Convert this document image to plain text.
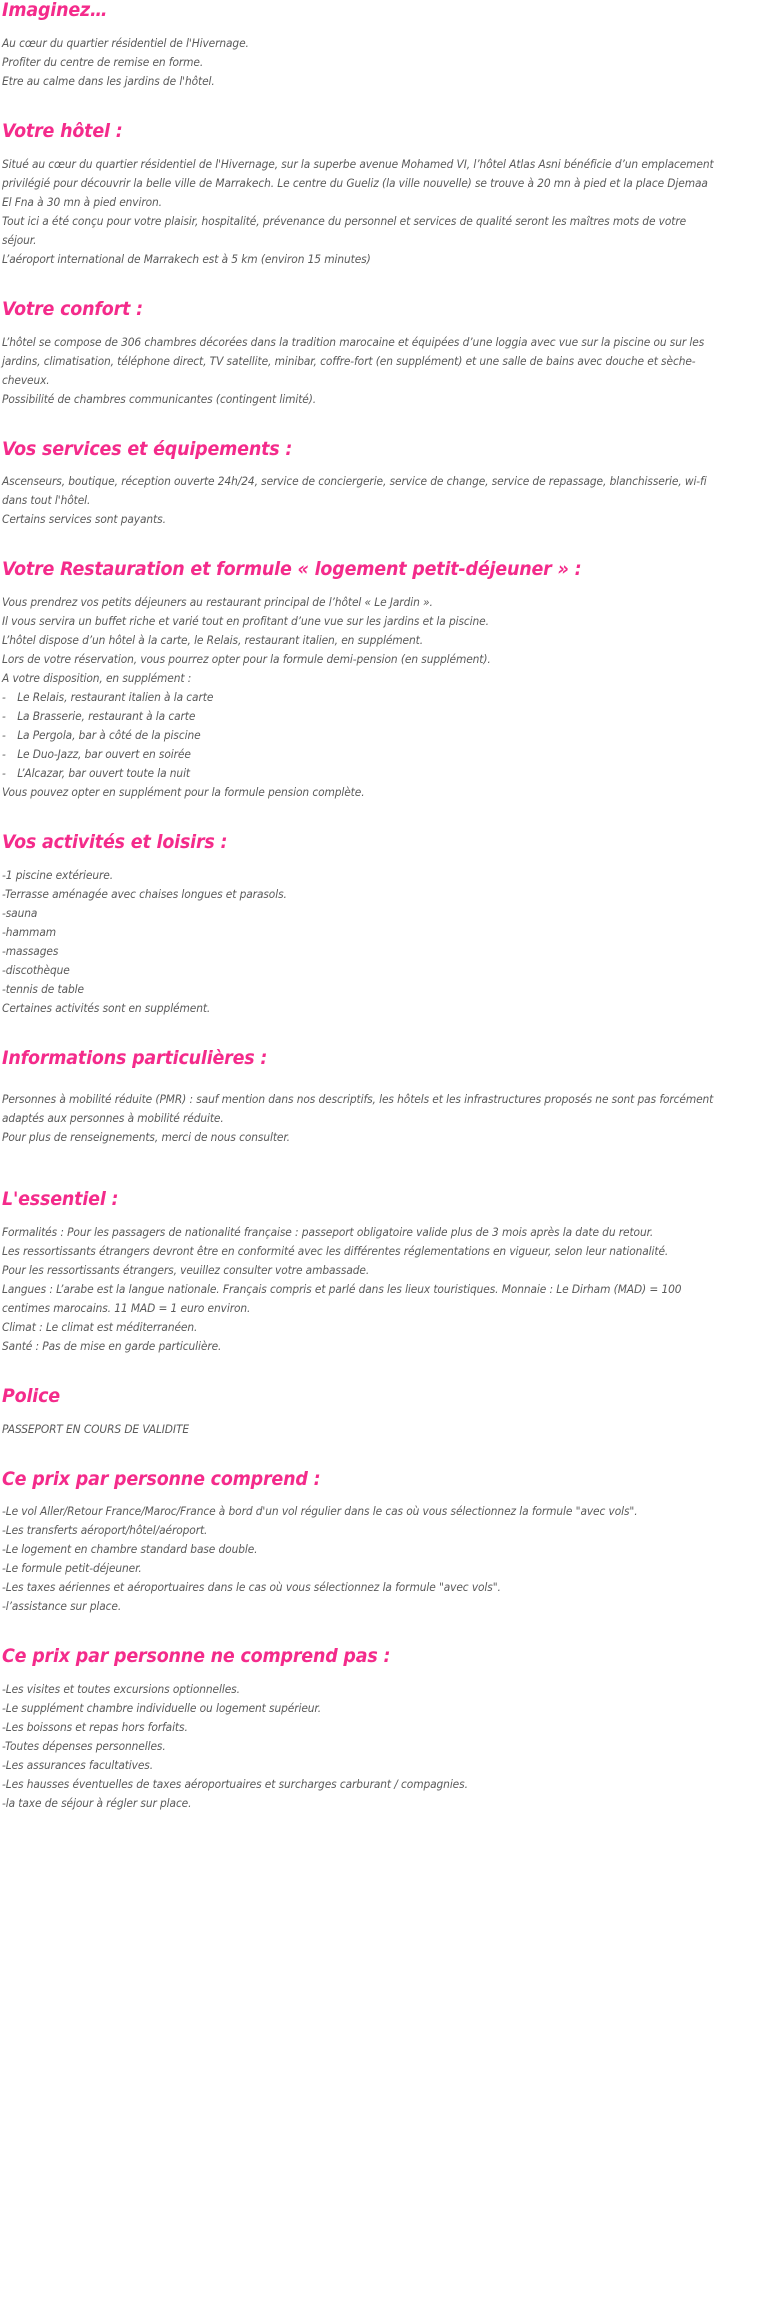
Imaginez…

Au cœur du quartier résidentiel de l'Hivernage.

Profiter du centre de remise en forme.

Etre au calme dans les jardins de l'hôtel.

Votre hôtel :

Situé au cœur du quartier résidentiel de l'Hivernage, sur la superbe avenue Mohamed VI, l’hôtel Atlas Asni bénéficie d’un emplacement privilégié pour découvrir la belle ville de Marrakech. Le centre du Gueliz (la ville nouvelle) se trouve à 20 mn à pied et la place Djemaa El Fna à 30 mn à pied environ.

Tout ici a été conçu pour votre plaisir, hospitalité, prévenance du personnel et services de qualité seront les maîtres mots de votre séjour.

L’aéroport international de Marrakech est à 5 km (environ 15 minutes)

Votre confort :

L’hôtel se compose de 306 chambres décorées dans la tradition marocaine et équipées d’une loggia avec vue sur la piscine ou sur les jardins, climatisation, téléphone direct, TV satellite, minibar, coffre-fort (en supplément) et une salle de bains avec douche et sèche-cheveux.

Possibilité de chambres communicantes (contingent limité).

Vos services et équipements :

Ascenseurs, boutique, réception ouverte 24h/24, service de conciergerie, service de change, service de repassage, blanchisserie, wi-fi dans tout l'hôtel.

Certains services sont payants.

Votre Restauration et formule « logement petit-déjeuner » :

Vous prendrez vos petits déjeuners au restaurant principal de l’hôtel « Le Jardin ».

Il vous servira un buffet riche et varié tout en profitant d’une vue sur les jardins et la piscine.

L’hôtel dispose d’un hôtel à la carte, le Relais, restaurant italien, en supplément.

Lors de votre réservation, vous pourrez opter pour la formule demi-pension (en supplément).

A votre disposition, en supplément :

- Le Relais, restaurant italien à la carte
- La Brasserie, restaurant à la carte
- La Pergola, bar à côté de la piscine
- Le Duo-Jazz, bar ouvert en soirée
- L’Alcazar, bar ouvert toute la nuit

Vous pouvez opter en supplément pour la formule pension complète.

Vos activités et loisirs :

-1 piscine extérieure.

-Terrasse aménagée avec chaises longues et parasols.

-sauna

-hammam

-massages

-discothèque

-tennis de table

Certaines activités sont en supplément.

Informations particulières :

Personnes à mobilité réduite (PMR) : sauf mention dans nos descriptifs, les hôtels et les infrastructures proposés ne sont pas forcément adaptés aux personnes à mobilité réduite.

Pour plus de renseignements, merci de nous consulter.

L'essentiel :

Formalités : Pour les passagers de nationalité française : passeport obligatoire valide plus de 3 mois après la date du retour.

Les ressortissants étrangers devront être en conformité avec les différentes réglementations en vigueur, selon leur nationalité.

Pour les ressortissants étrangers, veuillez consulter votre ambassade.

Langues : L’arabe est la langue nationale. Français compris et parlé dans les lieux touristiques. Monnaie : Le Dirham (MAD) = 100 centimes marocains. 11 MAD = 1 euro environ.

Climat : Le climat est méditerranéen.

Santé : Pas de mise en garde particulière.

Police

PASSEPORT EN COURS DE VALIDITE

Ce prix par personne comprend :

-Le vol Aller/Retour France/Maroc/France à bord d'un vol régulier dans le cas où vous sélectionnez la formule "avec vols".

-Les transferts aéroport/hôtel/aéroport.

-Le logement en chambre standard base double.

-Le formule petit-déjeuner.

-Les taxes aériennes et aéroportuaires dans le cas où vous sélectionnez la formule "avec vols".

-l’assistance sur place.

Ce prix par personne ne comprend pas :

-Les visites et toutes excursions optionnelles.

-Le supplément chambre individuelle ou logement supérieur.

-Les boissons et repas hors forfaits.

-Toutes dépenses personnelles.

-Les assurances facultatives.

-Les hausses éventuelles de taxes aéroportuaires et surcharges carburant / compagnies.

-la taxe de séjour à régler sur place.
